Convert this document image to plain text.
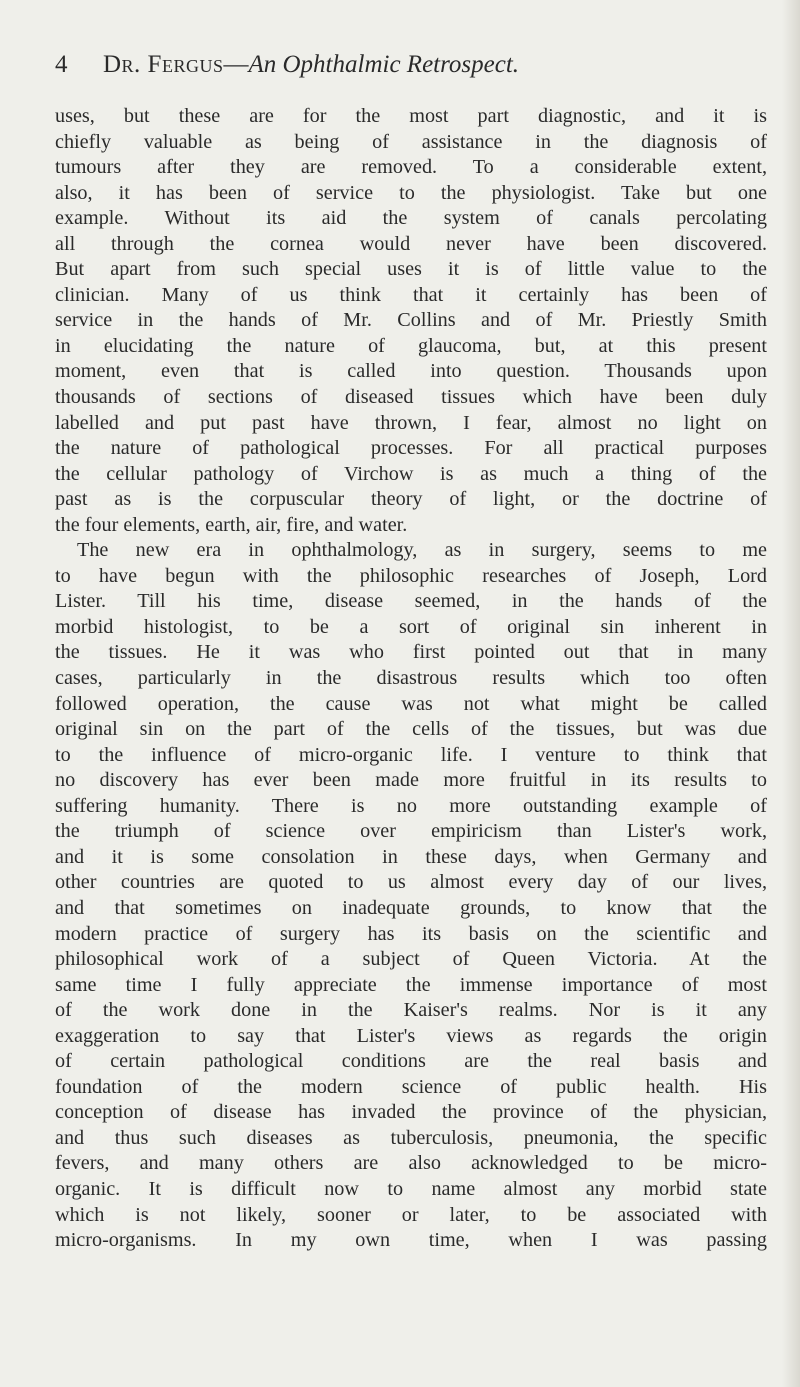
4 Dr. Fergus—An Ophthalmic Retrospect.
uses, but these are for the most part diagnostic, and it is
chiefly valuable as being of assistance in the diagnosis of
tumours after they are removed. To a considerable extent,
also, it has been of service to the physiologist. Take but one
example. Without its aid the system of canals percolating
all through the cornea would never have been discovered.
But apart from such special uses it is of little value to the
clinician. Many of us think that it certainly has been of
service in the hands of Mr. Collins and of Mr. Priestly Smith
in elucidating the nature of glaucoma, but, at this present
moment, even that is called into question. Thousands upon
thousands of sections of diseased tissues which have been duly
labelled and put past have thrown, I fear, almost no light on
the nature of pathological processes. For all practical purposes
the cellular pathology of Virchow is as much a thing of the
past as is the corpuscular theory of light, or the doctrine of
the four elements, earth, air, fire, and water.
The new era in ophthalmology, as in surgery, seems to me
to have begun with the philosophic researches of Joseph, Lord
Lister. Till his time, disease seemed, in the hands of the
morbid histologist, to be a sort of original sin inherent in
the tissues. He it was who first pointed out that in many
cases, particularly in the disastrous results which too often
followed operation, the cause was not what might be called
original sin on the part of the cells of the tissues, but was due
to the influence of micro-organic life. I venture to think that
no discovery has ever been made more fruitful in its results to
suffering humanity. There is no more outstanding example of
the triumph of science over empiricism than Lister's work,
and it is some consolation in these days, when Germany and
other countries are quoted to us almost every day of our lives,
and that sometimes on inadequate grounds, to know that the
modern practice of surgery has its basis on the scientific and
philosophical work of a subject of Queen Victoria. At the
same time I fully appreciate the immense importance of most
of the work done in the Kaiser's realms. Nor is it any
exaggeration to say that Lister's views as regards the origin
of certain pathological conditions are the real basis and
foundation of the modern science of public health. His
conception of disease has invaded the province of the physician,
and thus such diseases as tuberculosis, pneumonia, the specific
fevers, and many others are also acknowledged to be micro-
organic. It is difficult now to name almost any morbid state
which is not likely, sooner or later, to be associated with
micro-organisms. In my own time, when I was passing
